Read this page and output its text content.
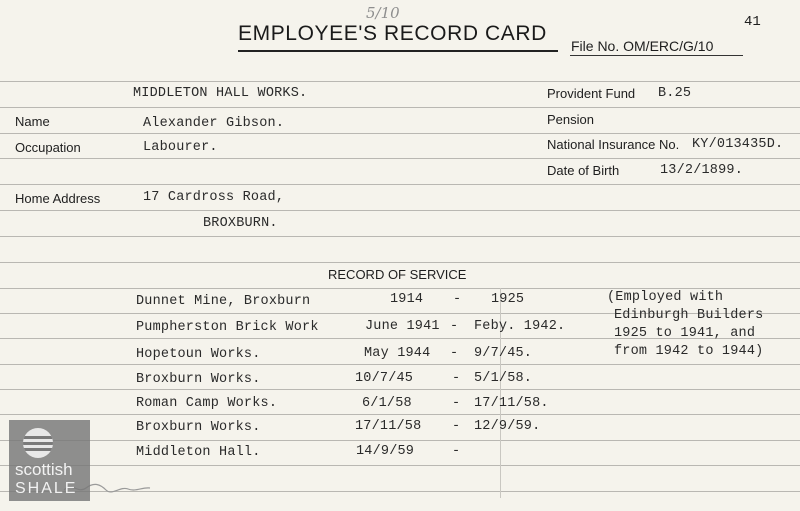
5/10
EMPLOYEE'S RECORD CARD
File No. OM/ERC/G/10
41
MIDDLETON HALL WORKS.
Name	Alexander Gibson.
Occupation	Labourer.
Home Address	17 Cardross Road,
BROXBURN.
Provident Fund B.25
Pension
National Insurance No. KY/013435D.
Date of Birth	13/2/1899.
RECORD OF SERVICE
Dunnet Mine, Broxburn	1914 - 1925
Pumpherston Brick Work	June 1941 - Feby. 1942.
Hopetoun Works.	May 1944 - 9/7/45.
Broxburn Works.	10/7/45	- 5/1/58.
Roman Camp Works.	6/1/58	- 17/11/58.
Broxburn Works.	17/11/58 - 12/9/59.
Middleton Hall.	14/9/59	-
(Employed with
Edinburgh Builders
1925 to 1941, and
from 1942 to 1944)
scottish
SHALE
